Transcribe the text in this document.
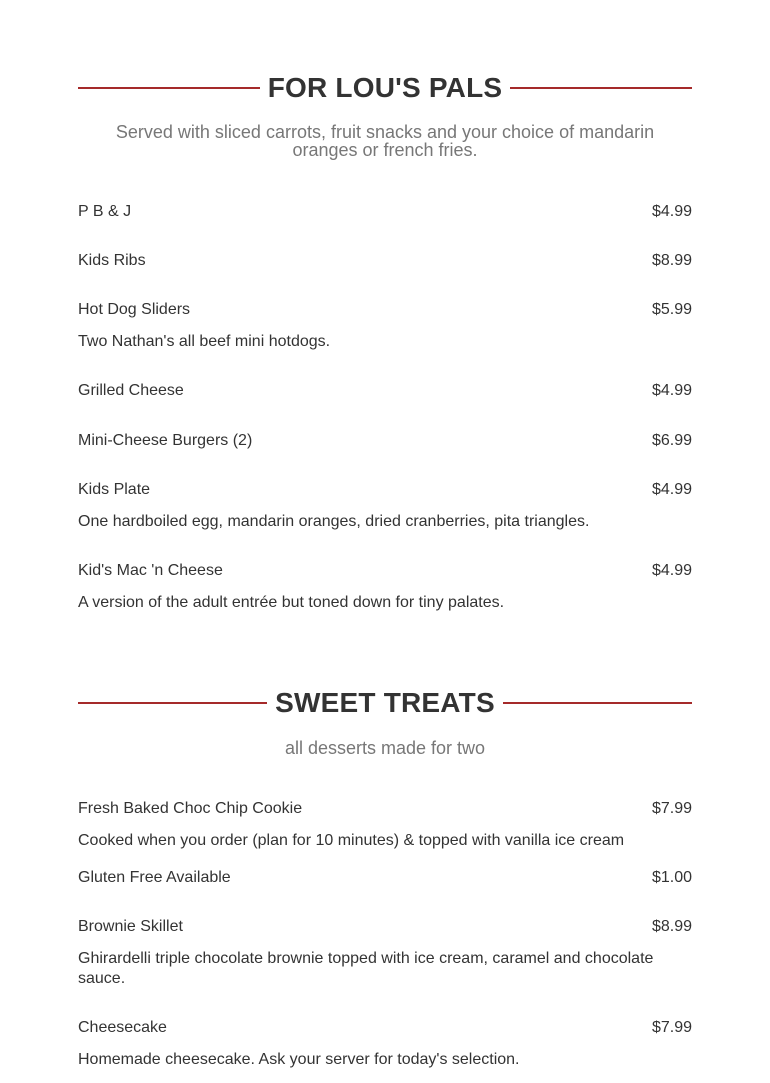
FOR LOU'S PALS
Served with sliced carrots, fruit snacks and your choice of mandarin oranges or french fries.
P B & J	$4.99
Kids Ribs	$8.99
Hot Dog Sliders	$5.99
Two Nathan's all beef mini hotdogs.
Grilled Cheese	$4.99
Mini-Cheese Burgers (2)	$6.99
Kids Plate	$4.99
One hardboiled egg, mandarin oranges, dried cranberries, pita triangles.
Kid's Mac 'n Cheese	$4.99
A version of the adult entrée but toned down for tiny palates.
SWEET TREATS
all desserts made for two
Fresh Baked Choc Chip Cookie	$7.99
Cooked when you order (plan for 10 minutes) & topped with vanilla ice cream
Gluten Free Available	$1.00
Brownie Skillet	$8.99
Ghirardelli triple chocolate brownie topped with ice cream, caramel and chocolate sauce.
Cheesecake	$7.99
Homemade cheesecake. Ask your server for today's selection.
